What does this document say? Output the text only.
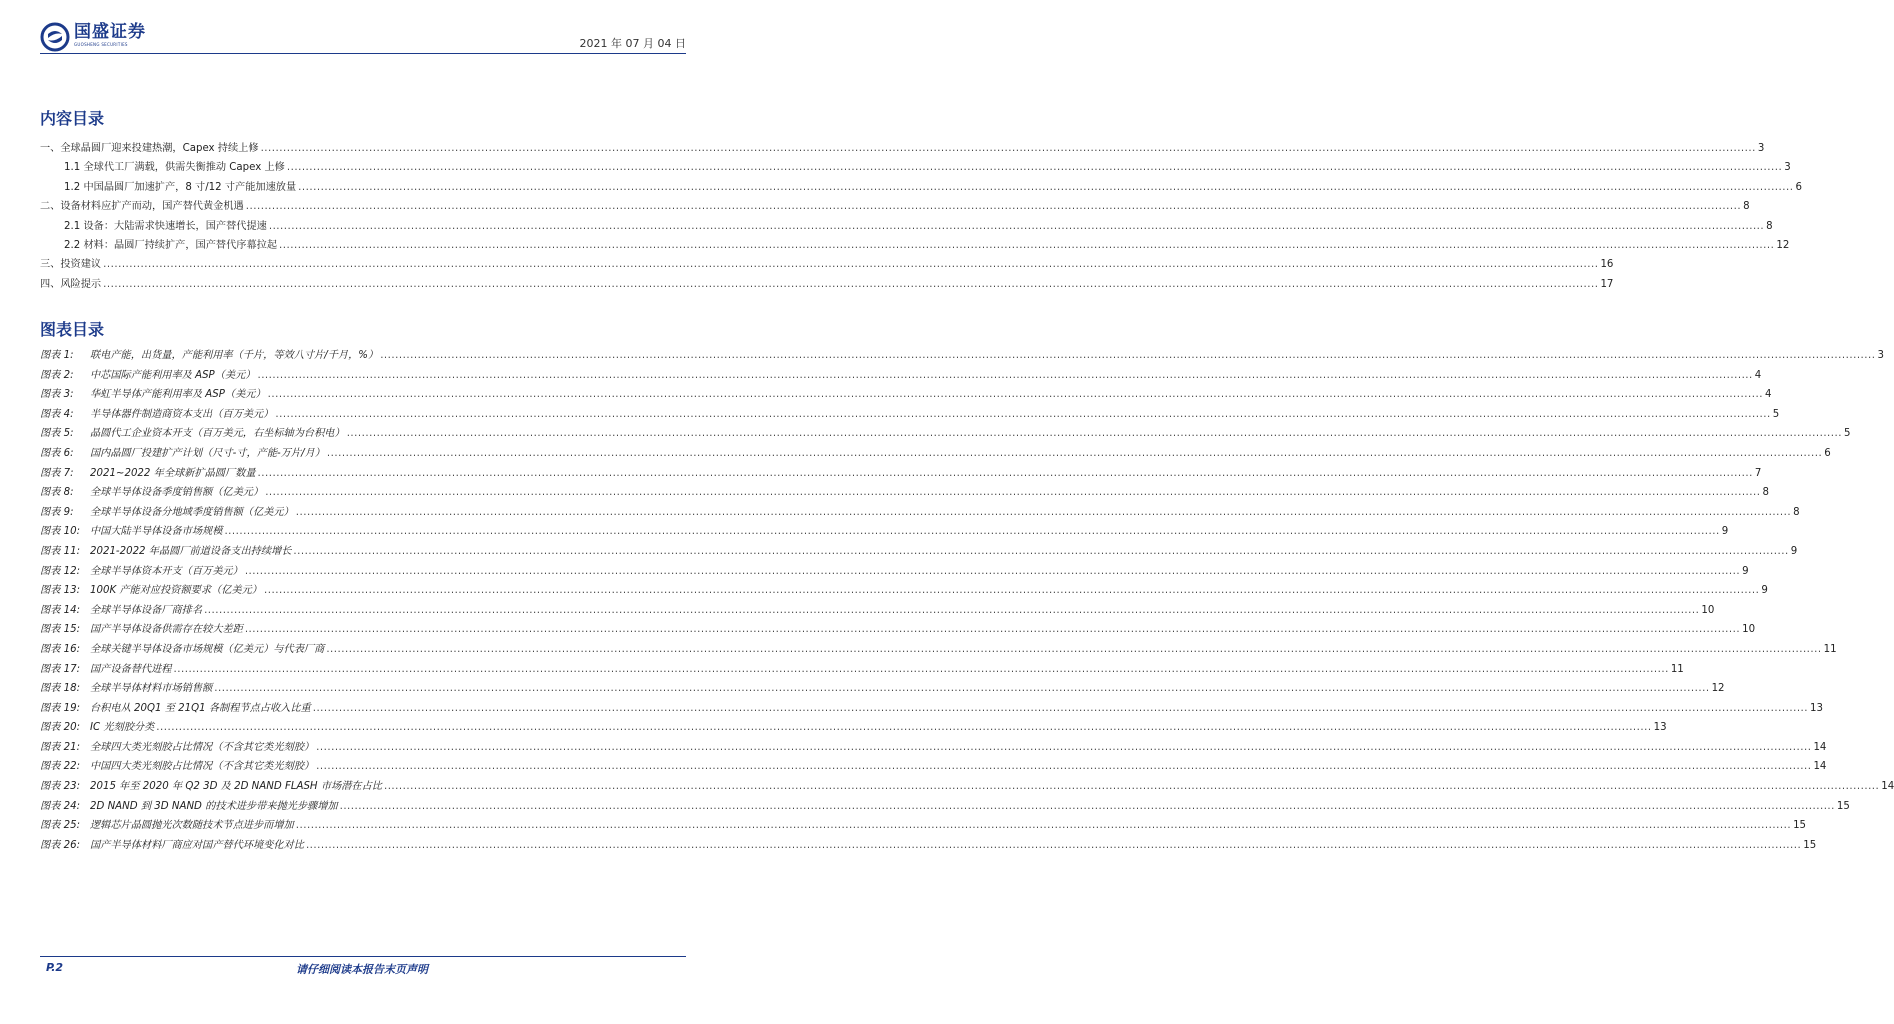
国盛证券
GUOSHENG SECURITIES	2021 年 07 月 04 日
内容目录
一、全球晶圆厂迎来投建热潮，Capex 持续上修 ................................................................................................................................................................................................................................................................................................................................................................................................................ 3
1.1 全球代工厂满载，供需失衡推动 Capex 上修 ................................................................................................................................................................................................................................................................................................................................................................................................................ 3
1.2 中国晶圆厂加速扩产，8 寸/12 寸产能加速放量 ................................................................................................................................................................................................................................................................................................................................................................................................................ 6
二、设备材料应扩产而动，国产替代黄金机遇 ................................................................................................................................................................................................................................................................................................................................................................................................................ 8
2.1 设备：大陆需求快速增长，国产替代提速 ................................................................................................................................................................................................................................................................................................................................................................................................................ 8
2.2 材料：晶圆厂持续扩产，国产替代序幕拉起 ................................................................................................................................................................................................................................................................................................................................................................................................................ 12
三、投资建议 ................................................................................................................................................................................................................................................................................................................................................................................................................ 16
四、风险提示 ................................................................................................................................................................................................................................................................................................................................................................................................................ 17
图表目录
图表 1:	联电产能，出货量，产能利用率（千片，等效八寸片/千月，%） ................................................................................................................................................................................................................................................................................................................................................................................................................ 3
图表 2:	中芯国际产能利用率及 ASP（美元） ................................................................................................................................................................................................................................................................................................................................................................................................................ 4
图表 3:	华虹半导体产能利用率及 ASP（美元） ................................................................................................................................................................................................................................................................................................................................................................................................................ 4
图表 4:	半导体器件制造商资本支出（百万美元） ................................................................................................................................................................................................................................................................................................................................................................................................................ 5
图表 5:	晶圆代工企业资本开支（百万美元，右坐标轴为台积电） ................................................................................................................................................................................................................................................................................................................................................................................................................ 5
图表 6:	国内晶圆厂投建扩产计划（尺寸-寸，产能-万片/月） ................................................................................................................................................................................................................................................................................................................................................................................................................ 6
图表 7:	2021~2022 年全球新扩晶圆厂数量 ................................................................................................................................................................................................................................................................................................................................................................................................................ 7
图表 8:	全球半导体设备季度销售额（亿美元） ................................................................................................................................................................................................................................................................................................................................................................................................................ 8
图表 9:	全球半导体设备分地域季度销售额（亿美元） ................................................................................................................................................................................................................................................................................................................................................................................................................ 8
图表 10: 中国大陆半导体设备市场规模 ................................................................................................................................................................................................................................................................................................................................................................................................................ 9
图表 11: 2021-2022 年晶圆厂前道设备支出持续增长 ................................................................................................................................................................................................................................................................................................................................................................................................................ 9
图表 12: 全球半导体资本开支（百万美元） ................................................................................................................................................................................................................................................................................................................................................................................................................ 9
图表 13: 100K 产能对应投资额要求（亿美元） ................................................................................................................................................................................................................................................................................................................................................................................................................ 9
图表 14: 全球半导体设备厂商排名 ................................................................................................................................................................................................................................................................................................................................................................................................................ 10
图表 15: 国产半导体设备供需存在较大差距 ................................................................................................................................................................................................................................................................................................................................................................................................................ 10
图表 16: 全球关键半导体设备市场规模（亿美元）与代表厂商 ................................................................................................................................................................................................................................................................................................................................................................................................................ 11
图表 17: 国产设备替代进程 ................................................................................................................................................................................................................................................................................................................................................................................................................ 11
图表 18: 全球半导体材料市场销售额 ................................................................................................................................................................................................................................................................................................................................................................................................................ 12
图表 19: 台积电从 20Q1 至 21Q1 各制程节点占收入比重 ................................................................................................................................................................................................................................................................................................................................................................................................................ 13
图表 20: IC 光刻胶分类 ................................................................................................................................................................................................................................................................................................................................................................................................................ 13
图表 21: 全球四大类光刻胶占比情况（不含其它类光刻胶） ................................................................................................................................................................................................................................................................................................................................................................................................................ 14
图表 22: 中国四大类光刻胶占比情况（不含其它类光刻胶） ................................................................................................................................................................................................................................................................................................................................................................................................................ 14
图表 23: 2015 年至 2020 年 Q2 3D 及 2D NAND FLASH 市场潜在占比 ................................................................................................................................................................................................................................................................................................................................................................................................................ 14
图表 24: 2D NAND 到 3D NAND 的技术进步带来抛光步骤增加 ................................................................................................................................................................................................................................................................................................................................................................................................................ 15
图表 25: 逻辑芯片晶圆抛光次数随技术节点进步而增加 ................................................................................................................................................................................................................................................................................................................................................................................................................ 15
图表 26: 国产半导体材料厂商应对国产替代环境变化对比 ................................................................................................................................................................................................................................................................................................................................................................................................................ 15
P.2	请仔细阅读本报告末页声明
